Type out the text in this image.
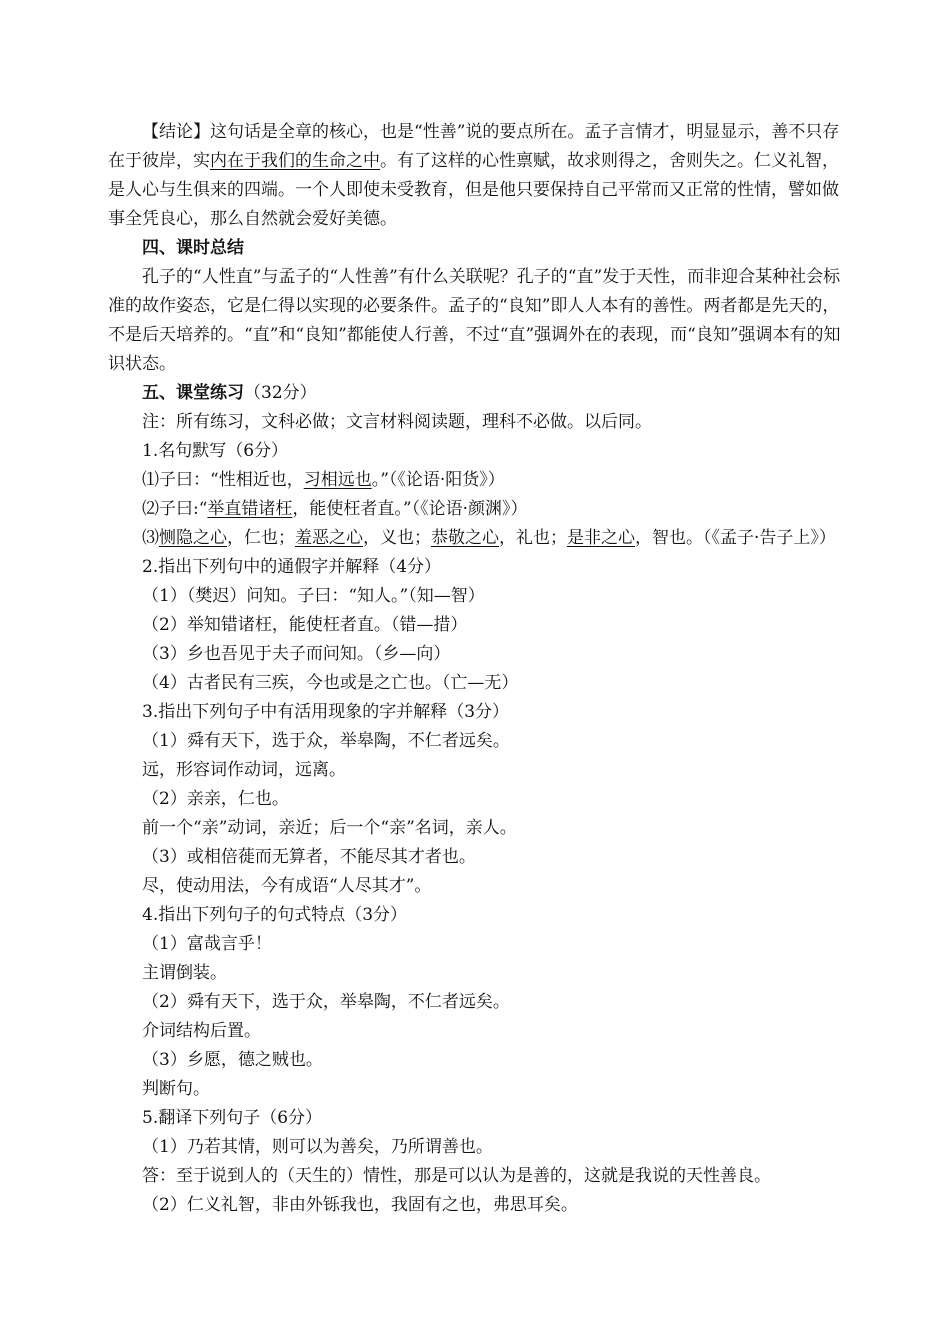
【结论】这句话是全章的核心，也是“性善”说的要点所在。孟子言情才，明显显示，善不只存在于彼岸，实内在于我们的生命之中。有了这样的心性禀赋，故求则得之，舍则失之。仁义礼智，是人心与生俱来的四端。一个人即使未受教育，但是他只要保持自己平常而又正常的性情，譬如做事全凭良心，那么自然就会爱好美德。

四、课时总结

孔子的“人性直”与孟子的“人性善”有什么关联呢？孔子的“直”发于天性，而非迎合某种社会标准的故作姿态，它是仁得以实现的必要条件。孟子的“良知”即人人本有的善性。两者都是先天的，不是后天培养的。“直”和“良知”都能使人行善，不过“直”强调外在的表现，而“良知”强调本有的知识状态。

五、课堂练习（32分）
注：所有练习，文科必做；文言材料阅读题，理科不必做。以后同。
1.名句默写（6分）
⑴子曰：“性相近也，习相远也。”（《论语·阳货》）
⑵子曰:“举直错诸枉，能使枉者直。”（《论语·颜渊》）

⑶恻隐之心，仁也；羞恶之心，义也；恭敬之心，礼也；是非之心，智也。（《孟子·告子上》）

2.指出下列句中的通假字并解释（4分）
（1）（樊迟）问知。子曰：“知人。”（知—智）
（2）举知错诸枉，能使枉者直。（错—措）
（3）乡也吾见于夫子而问知。（乡—向）
（4）古者民有三疾，今也或是之亡也。（亡—无）
3.指出下列句子中有活用现象的字并解释（3分）
（1）舜有天下，选于众，举皋陶，不仁者远矣。
远，形容词作动词，远离。
（2）亲亲，仁也。
前一个“亲”动词，亲近；后一个“亲”名词，亲人。
（3）或相倍蓰而无算者，不能尽其才者也。
尽，使动用法，今有成语“人尽其才”。
4.指出下列句子的句式特点（3分）
（1）富哉言乎！
主谓倒装。
（2）舜有天下，选于众，举皋陶，不仁者远矣。
介词结构后置。
（3）乡愿，德之贼也。
判断句。
5.翻译下列句子（6分）
（1）乃若其情，则可以为善矣，乃所谓善也。
答：至于说到人的（天生的）情性，那是可以认为是善的，这就是我说的天性善良。
（2）仁义礼智，非由外铄我也，我固有之也，弗思耳矣。
